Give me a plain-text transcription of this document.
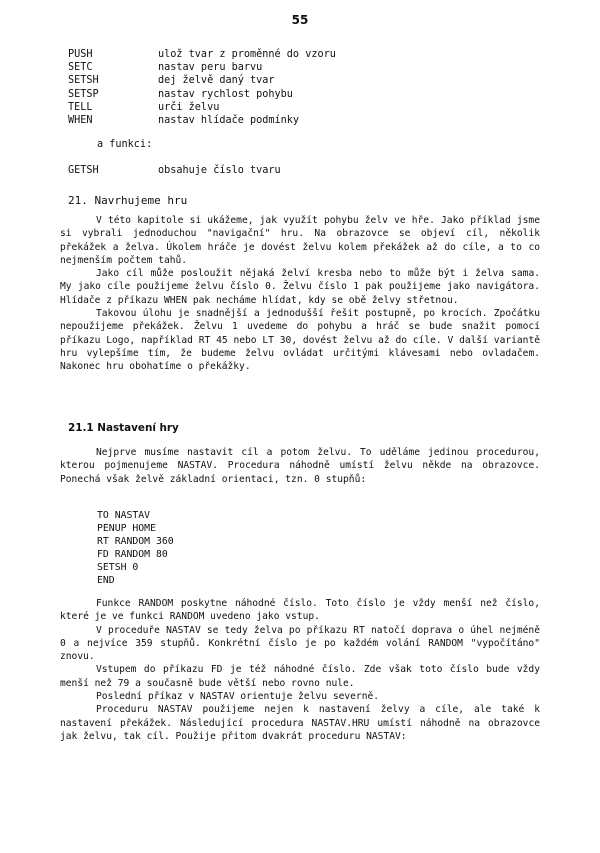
55
PUSH	ulož tvar z proměnné do vzoru
SETC	nastav peru barvu
SETSH	dej želvě daný tvar
SETSP	nastav rychlost pohybu
TELL	urči želvu
WHEN	nastav hlídače podmínky
a funkci:
GETSH	obsahuje číslo tvaru
21. Navrhujeme hru

V této kapitole si ukážeme, jak využít pohybu želv ve hře. Jako příklad jsme si vybrali jednoduchou "navigační" hru. Na obrazovce se objeví cíl, několik překážek a želva. Úkolem hráče je dovést želvu kolem překážek až do cíle, a to co nejmenším počtem tahů.

Jako cíl může posloužit nějaká želví kresba nebo to může být i želva sama. My jako cíle použijeme želvu číslo 0. Želvu číslo 1 pak použijeme jako navigátora. Hlídače z příkazu WHEN pak necháme hlídat, kdy se obě želvy střetnou.

Takovou úlohu je snadnější a jednodušší řešit postupně, po krocích. Zpočátku nepoužijeme překážek. Želvu 1 uvedeme do pohybu a hráč se bude snažit pomocí příkazu Logo, například RT 45 nebo LT 30, dovést želvu až do cíle. V další variantě hru vylepšíme tím, že budeme želvu ovládat určitými klávesami nebo ovladačem. Nakonec hru obohatíme o překážky.

21.1 Nastavení hry

Nejprve musíme nastavit cíl a potom želvu. To uděláme jedinou procedurou, kterou pojmenujeme NASTAV. Procedura náhodně umístí želvu někde na obrazovce. Ponechá však želvě základní orientaci, tzn. 0 stupňů:

TO NASTAV
PENUP HOME
RT RANDOM 360
FD RANDOM 80
SETSH 0
END

Funkce RANDOM poskytne náhodné číslo. Toto číslo je vždy menší než číslo, které je ve funkci RANDOM uvedeno jako vstup.

V proceduře NASTAV se tedy želva po příkazu RT natočí doprava o úhel nejméně 0 a nejvíce 359 stupňů. Konkrétní číslo je po každém volání RANDOM "vypočítáno" znovu.

Vstupem do příkazu FD je též náhodné číslo. Zde však toto číslo bude vždy menší než 79 a současně bude větší nebo rovno nule.

Poslední příkaz v NASTAV orientuje želvu severně.

Proceduru NASTAV použijeme nejen k nastavení želvy a cíle, ale také k nastavení překážek. Následující procedura NASTAV.HRU umístí náhodně na obrazovce jak želvu, tak cíl. Použije přitom dvakrát proceduru NASTAV:
